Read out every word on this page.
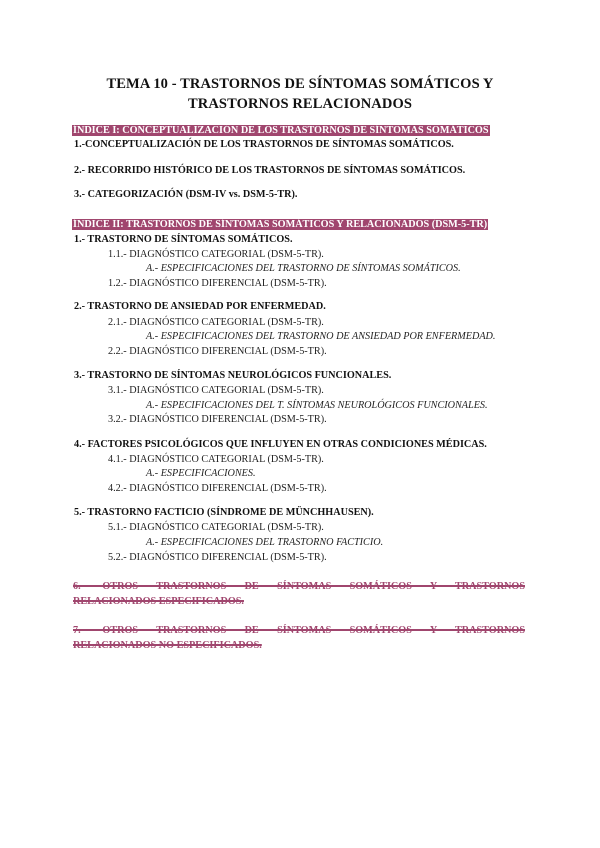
TEMA 10 - TRASTORNOS DE SÍNTOMAS SOMÁTICOS Y
TRASTORNOS RELACIONADOS
ÍNDICE I: CONCEPTUALIZACIÓN DE LOS TRASTORNOS DE SÍNTOMAS SOMÁTICOS
1.-CONCEPTUALIZACIÓN DE LOS TRASTORNOS DE SÍNTOMAS SOMÁTICOS.
2.- RECORRIDO HISTÓRICO DE LOS TRASTORNOS DE SÍNTOMAS SOMÁTICOS.
3.- CATEGORIZACIÓN (DSM-IV vs. DSM-5-TR).
ÍNDICE II: TRASTORNOS DE SÍNTOMAS SOMÁTICOS Y RELACIONADOS (DSM-5-TR)
1.- TRASTORNO DE SÍNTOMAS SOMÁTICOS.
1.1.- DIAGNÓSTICO CATEGORIAL (DSM-5-TR).
A.- ESPECIFICACIONES DEL TRASTORNO DE SÍNTOMAS SOMÁTICOS.
1.2.- DIAGNÓSTICO DIFERENCIAL (DSM-5-TR).
2.- TRASTORNO DE ANSIEDAD POR ENFERMEDAD.
2.1.- DIAGNÓSTICO CATEGORIAL (DSM-5-TR).
A.- ESPECIFICACIONES DEL TRASTORNO DE ANSIEDAD POR ENFERMEDAD.
2.2.- DIAGNÓSTICO DIFERENCIAL (DSM-5-TR).
3.- TRASTORNO DE SÍNTOMAS NEUROLÓGICOS FUNCIONALES.
3.1.- DIAGNÓSTICO CATEGORIAL (DSM-5-TR).
A.- ESPECIFICACIONES DEL T. SÍNTOMAS NEUROLÓGICOS FUNCIONALES.
3.2.- DIAGNÓSTICO DIFERENCIAL (DSM-5-TR).
4.- FACTORES PSICOLÓGICOS QUE INFLUYEN EN OTRAS CONDICIONES MÉDICAS.
4.1.- DIAGNÓSTICO CATEGORIAL (DSM-5-TR).
A.- ESPECIFICACIONES.
4.2.- DIAGNÓSTICO DIFERENCIAL (DSM-5-TR).
5.- TRASTORNO FACTICIO (SÍNDROME DE MÜNCHHAUSEN).
5.1.- DIAGNÓSTICO CATEGORIAL (DSM-5-TR).
A.- ESPECIFICACIONES DEL TRASTORNO FACTICIO.
5.2.- DIAGNÓSTICO DIFERENCIAL (DSM-5-TR).
6.- OTROS TRASTORNOS DE SÍNTOMAS SOMÁTICOS Y TRASTORNOS
RELACIONADOS ESPECIFICADOS.
7.- OTROS TRASTORNOS DE SÍNTOMAS SOMÁTICOS Y TRASTORNOS
RELACIONADOS NO ESPECIFICADOS.
